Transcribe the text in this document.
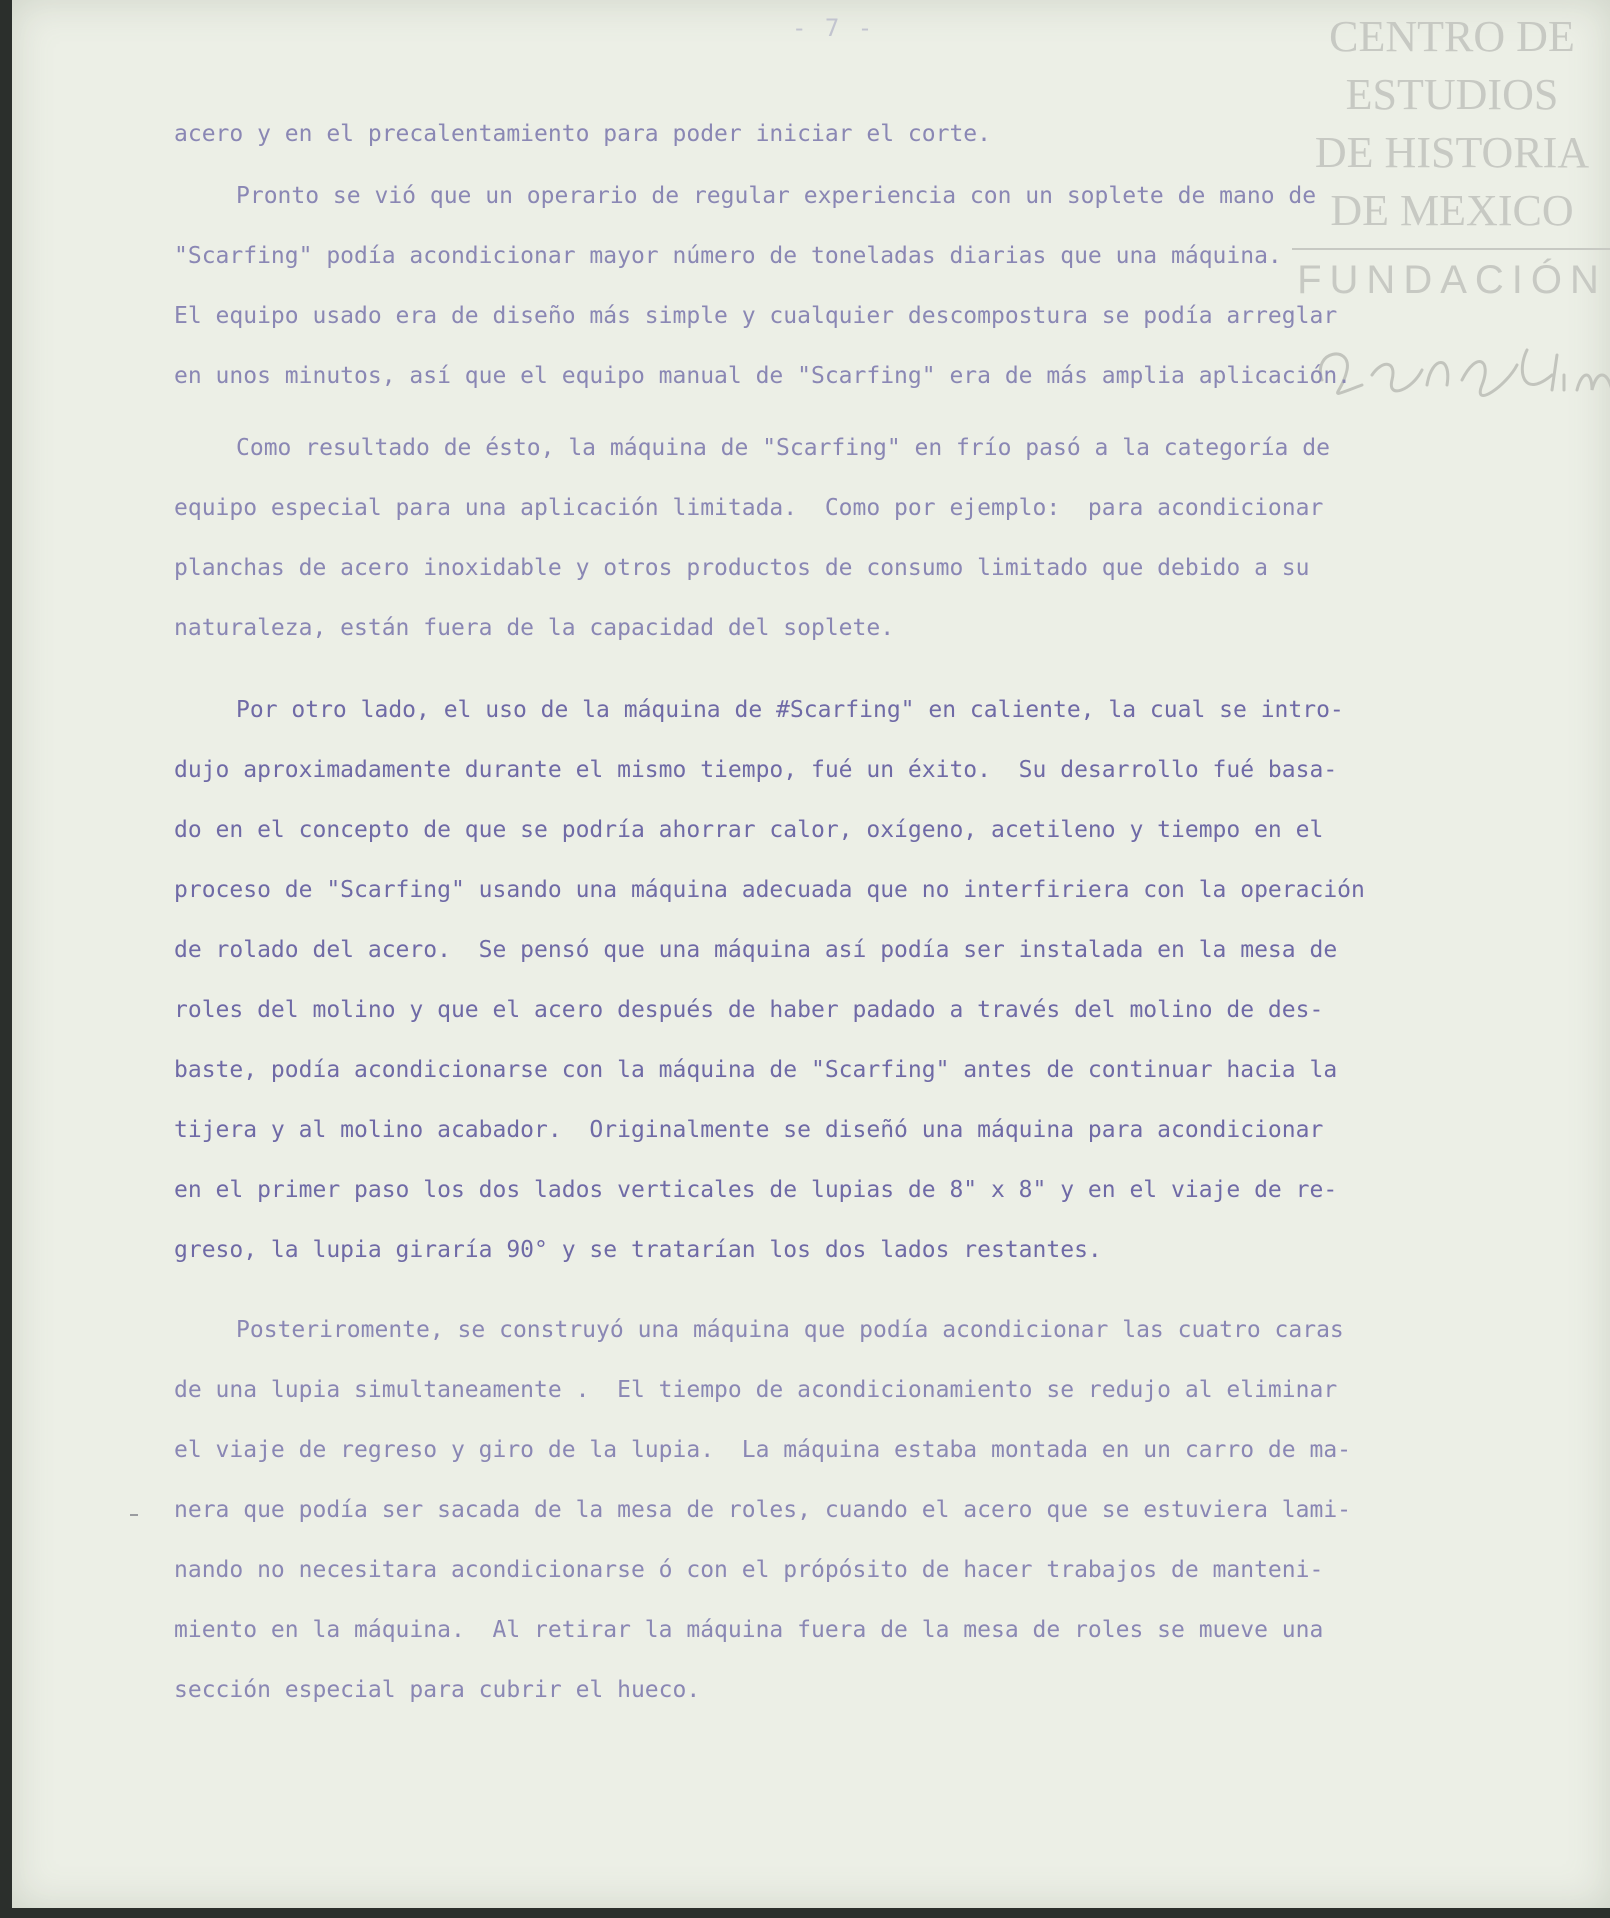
- 7 -	CENTRO DE
ESTUDIOS
DE HISTORIA
DE MEXICO
FUNDACIÓN
acero y en el precalentamiento para poder iniciar el corte.
Pronto se vió que un operario de regular experiencia con un soplete de mano de
"Scarfing" podía acondicionar mayor número de toneladas diarias que una máquina.
El equipo usado era de diseño más simple y cualquier descompostura se podía arreglar
en unos minutos, así que el equipo manual de "Scarfing" era de más amplia aplicación.
Como resultado de ésto, la máquina de "Scarfing" en frío pasó a la categoría de
equipo especial para una aplicación limitada.  Como por ejemplo:  para acondicionar
planchas de acero inoxidable y otros productos de consumo limitado que debido a su
naturaleza, están fuera de la capacidad del soplete.
Por otro lado, el uso de la máquina de #Scarfing" en caliente, la cual se intro-
dujo aproximadamente durante el mismo tiempo, fué un éxito.  Su desarrollo fué basa-
do en el concepto de que se podría ahorrar calor, oxígeno, acetileno y tiempo en el
proceso de "Scarfing" usando una máquina adecuada que no interfiriera con la operación
de rolado del acero.  Se pensó que una máquina así podía ser instalada en la mesa de
roles del molino y que el acero después de haber padado a través del molino de des-
baste, podía acondicionarse con la máquina de "Scarfing" antes de continuar hacia la
tijera y al molino acabador.  Originalmente se diseñó una máquina para acondicionar
en el primer paso los dos lados verticales de lupias de 8" x 8" y en el viaje de re-
greso, la lupia giraría 90° y se tratarían los dos lados restantes.
Posteriromente, se construyó una máquina que podía acondicionar las cuatro caras
de una lupia simultaneamente .  El tiempo de acondicionamiento se redujo al eliminar
el viaje de regreso y giro de la lupia.  La máquina estaba montada en un carro de ma-
nera que podía ser sacada de la mesa de roles, cuando el acero que se estuviera lami-
nando no necesitara acondicionarse ó con el própósito de hacer trabajos de manteni-
miento en la máquina.  Al retirar la máquina fuera de la mesa de roles se mueve una
sección especial para cubrir el hueco.
